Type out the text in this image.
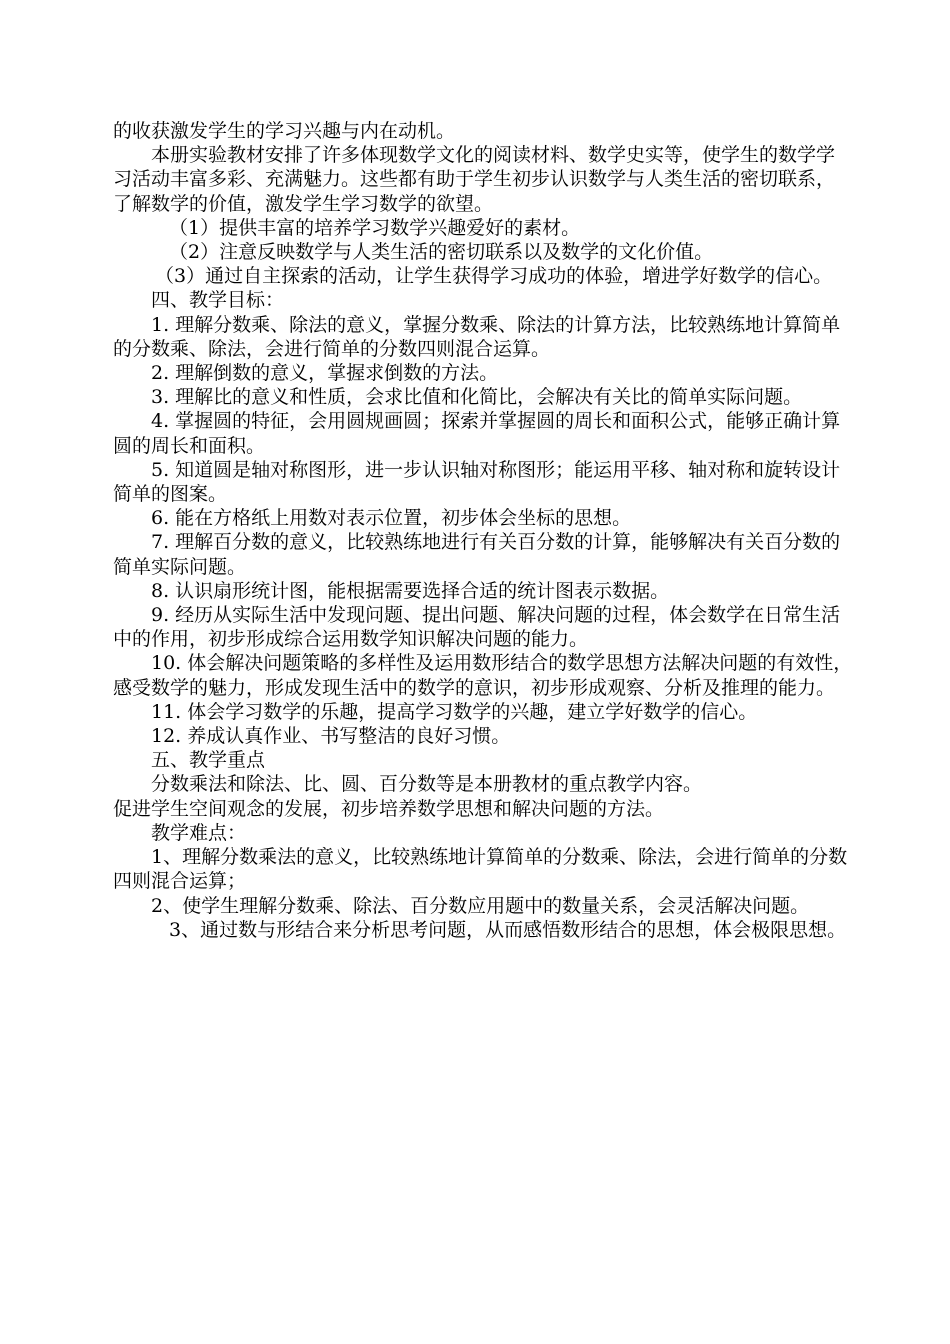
的收获激发学生的学习兴趣与内在动机。

本册实验教材安排了许多体现数学文化的阅读材料、数学史实等，使学生的数学学习活动丰富多彩、充满魅力。这些都有助于学生初步认识数学与人类生活的密切联系，了解数学的价值，激发学生学习数学的欲望。

（1）提供丰富的培养学习数学兴趣爱好的素材。

（2）注意反映数学与人类生活的密切联系以及数学的文化价值。

（3）通过自主探索的活动，让学生获得学习成功的体验，增进学好数学的信心。

四、教学目标：

1. 理解分数乘、除法的意义，掌握分数乘、除法的计算方法，比较熟练地计算简单的分数乘、除法，会进行简单的分数四则混合运算。

2. 理解倒数的意义，掌握求倒数的方法。

3. 理解比的意义和性质，会求比值和化简比，会解决有关比的简单实际问题。

4. 掌握圆的特征，会用圆规画圆；探索并掌握圆的周长和面积公式，能够正确计算圆的周长和面积。

5. 知道圆是轴对称图形，进一步认识轴对称图形；能运用平移、轴对称和旋转设计简单的图案。

6. 能在方格纸上用数对表示位置，初步体会坐标的思想。

7. 理解百分数的意义，比较熟练地进行有关百分数的计算，能够解决有关百分数的简单实际问题。

8. 认识扇形统计图，能根据需要选择合适的统计图表示数据。

9. 经历从实际生活中发现问题、提出问题、解决问题的过程，体会数学在日常生活中的作用，初步形成综合运用数学知识解决问题的能力。

10. 体会解决问题策略的多样性及运用数形结合的数学思想方法解决问题的有效性，感受数学的魅力，形成发现生活中的数学的意识，初步形成观察、分析及推理的能力。

11. 体会学习数学的乐趣，提高学习数学的兴趣，建立学好数学的信心。

12. 养成认真作业、书写整洁的良好习惯。

五、教学重点

分数乘法和除法、比、圆、百分数等是本册教材的重点教学内容。

促进学生空间观念的发展，初步培养数学思想和解决问题的方法。

教学难点：

1、理解分数乘法的意义，比较熟练地计算简单的分数乘、除法，会进行简单的分数四则混合运算；

2、使学生理解分数乘、除法、百分数应用题中的数量关系，会灵活解决问题。

3、通过数与形结合来分析思考问题，从而感悟数形结合的思想，体会极限思想。
